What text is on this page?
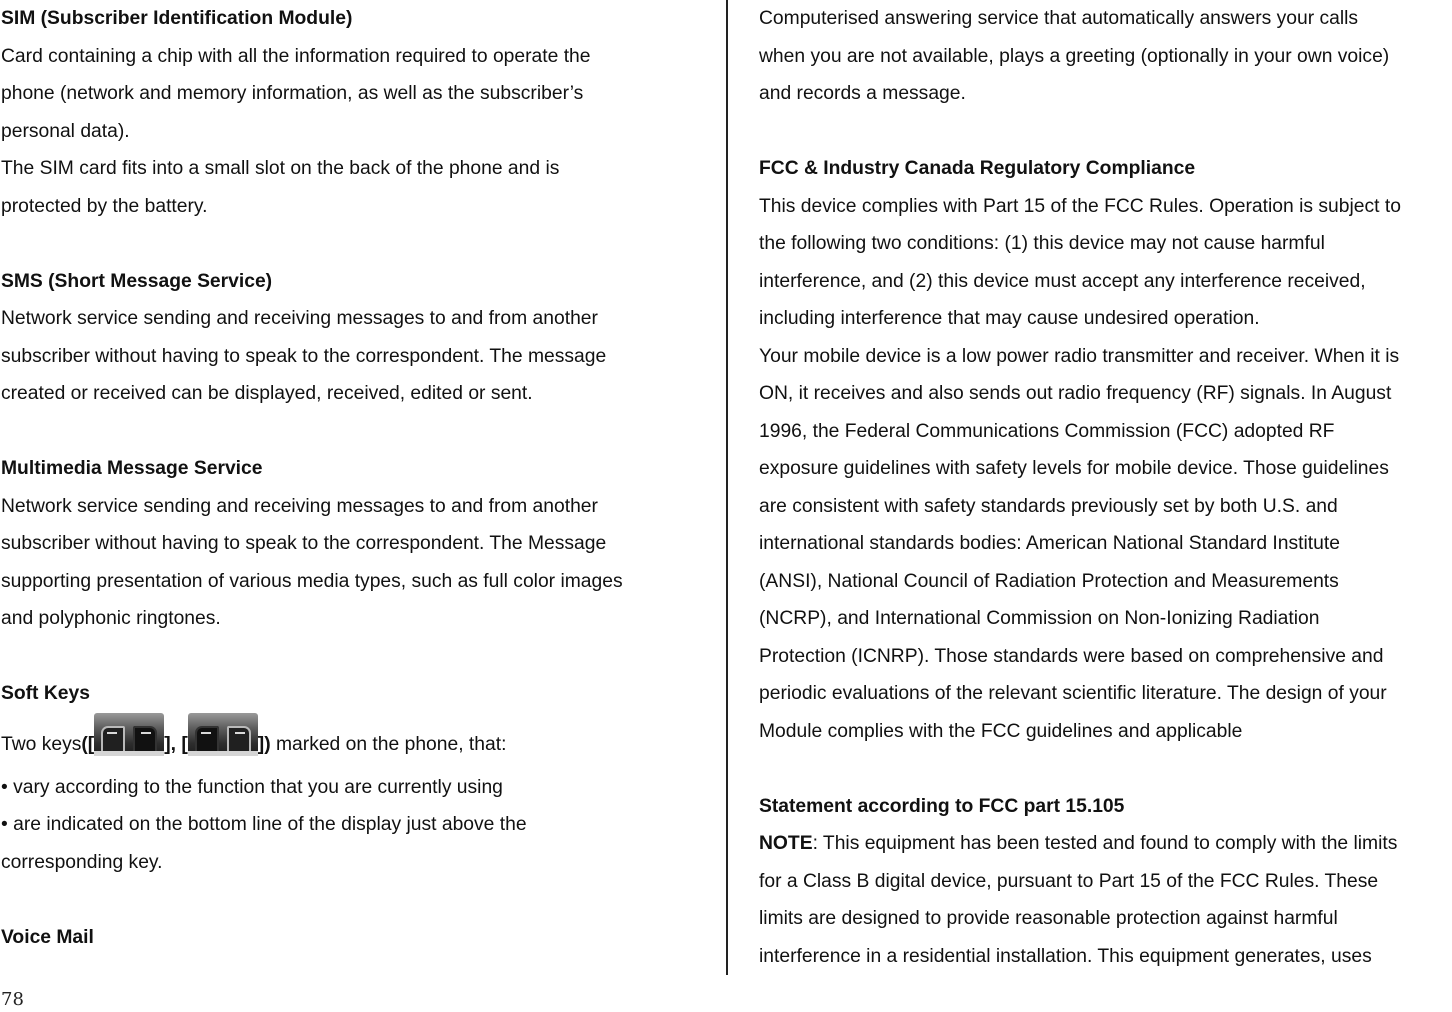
SIM (Subscriber Identification Module)
Card containing a chip with all the information required to operate the
phone (network and memory information, as well as the subscriber’s
personal data).
The SIM card fits into a small slot on the back of the phone and is
protected by the battery.
SMS (Short Message Service)
Network service sending and receiving messages to and from another
subscriber without having to speak to the correspondent. The message
created or received can be displayed, received, edited or sent.
Multimedia Message Service
Network service sending and receiving messages to and from another
subscriber without having to speak to the correspondent. The Message
supporting presentation of various media types, such as full color images
and polyphonic ringtones.
Soft Keys
Two keys([	], [	]) marked on the phone, that:
• vary according to the function that you are currently using
• are indicated on the bottom line of the display just above the
corresponding key.
Voice Mail
Computerised answering service that automatically answers your calls
when you are not available, plays a greeting (optionally in your own voice)
and records a message.
FCC & Industry Canada Regulatory Compliance
This device complies with Part 15 of the FCC Rules. Operation is subject to
the following two conditions: (1) this device may not cause harmful
interference, and (2) this device must accept any interference received,
including interference that may cause undesired operation.
Your mobile device is a low power radio transmitter and receiver. When it is
ON, it receives and also sends out radio frequency (RF) signals. In August
1996, the Federal Communications Commission (FCC) adopted RF
exposure guidelines with safety levels for mobile device. Those guidelines
are consistent with safety standards previously set by both U.S. and
international standards bodies: American National Standard Institute
(ANSI), National Council of Radiation Protection and Measurements
(NCRP), and International Commission on Non-Ionizing Radiation
Protection (ICNRP). Those standards were based on comprehensive and
periodic evaluations of the relevant scientific literature. The design of your
Module complies with the FCC guidelines and applicable
Statement according to FCC part 15.105
NOTE: This equipment has been tested and found to comply with the limits
for a Class B digital device, pursuant to Part 15 of the FCC Rules. These
limits are designed to provide reasonable protection against harmful
interference in a residential installation. This equipment generates, uses
78
